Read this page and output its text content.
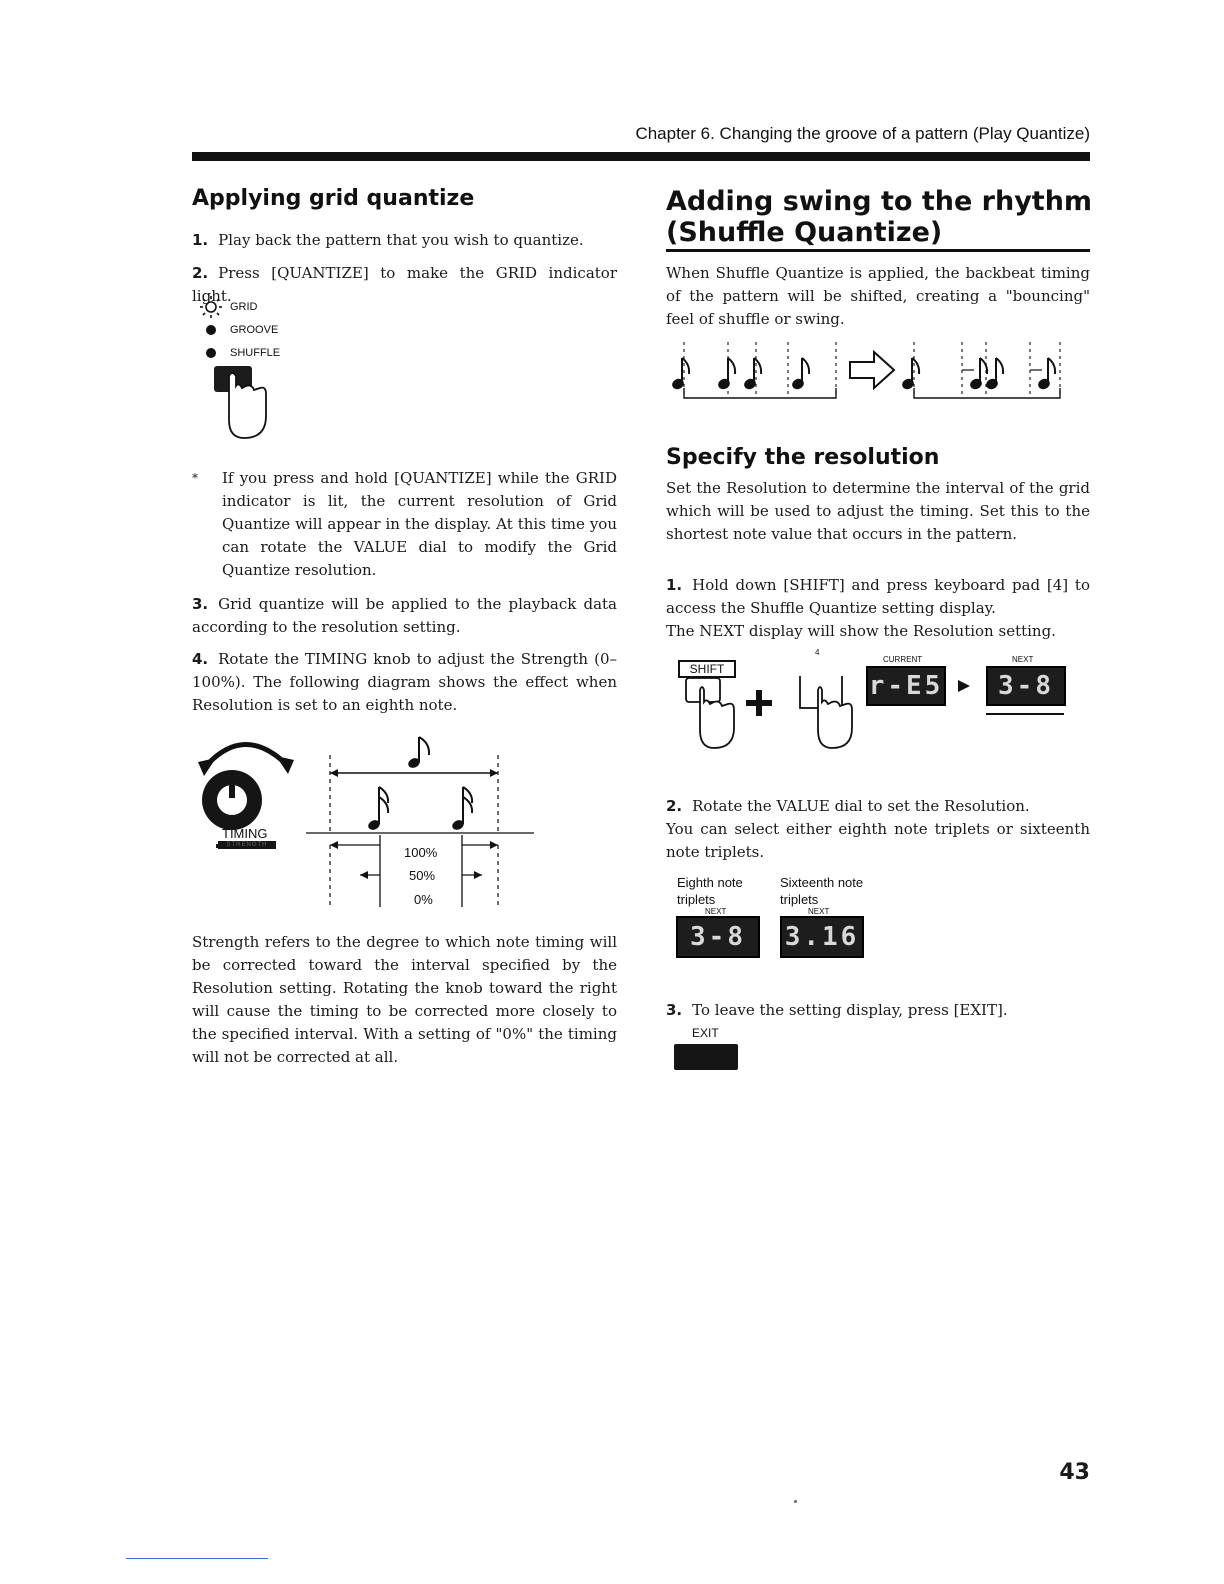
Chapter 6. Changing the groove of a pattern (Play Quantize)
Applying grid quantize
1. Play back the pattern that you wish to quantize.
2. Press [QUANTIZE] to make the GRID indicator light.
GRID
GROOVE
SHUFFLE
* If you press and hold [QUANTIZE] while the GRID indicator is lit, the current resolution of Grid Quantize will appear in the display. At this time you can rotate the VALUE dial to modify the Grid Quantize resolution.
3. Grid quantize will be applied to the playback data according to the resolution setting.
4. Rotate the TIMING knob to adjust the Strength (0–100%). The following diagram shows the effect when Resolution is set to an eighth note.
TIMING
STRENGTH	100%
50%
0%
Strength refers to the degree to which note timing will be corrected toward the interval specified by the Resolution setting. Rotating the knob toward the right will cause the timing to be corrected more closely to the specified interval. With a setting of "0%" the timing will not be corrected at all.
Adding swing to the rhythm
(Shuffle Quantize)
When Shuffle Quantize is applied, the backbeat timing of the pattern will be shifted, creating a "bouncing" feel of shuffle or swing.
Specify the resolution
Set the Resolution to determine the interval of the grid which will be used to adjust the timing. Set this to the shortest note value that occurs in the pattern.
1. Hold down [SHIFT] and press keyboard pad [4] to access the Shuffle Quantize setting display.
The NEXT display will show the Resolution setting.
SHIFT
4
CURRENT	NEXT
r-E5	3-8
2. Rotate the VALUE dial to set the Resolution.
You can select either eighth note triplets or sixteenth note triplets.
Eighth note
triplets
NEXT
3-8
Sixteenth note
triplets
NEXT
3.16
3. To leave the setting display, press [EXIT].
EXIT
43
